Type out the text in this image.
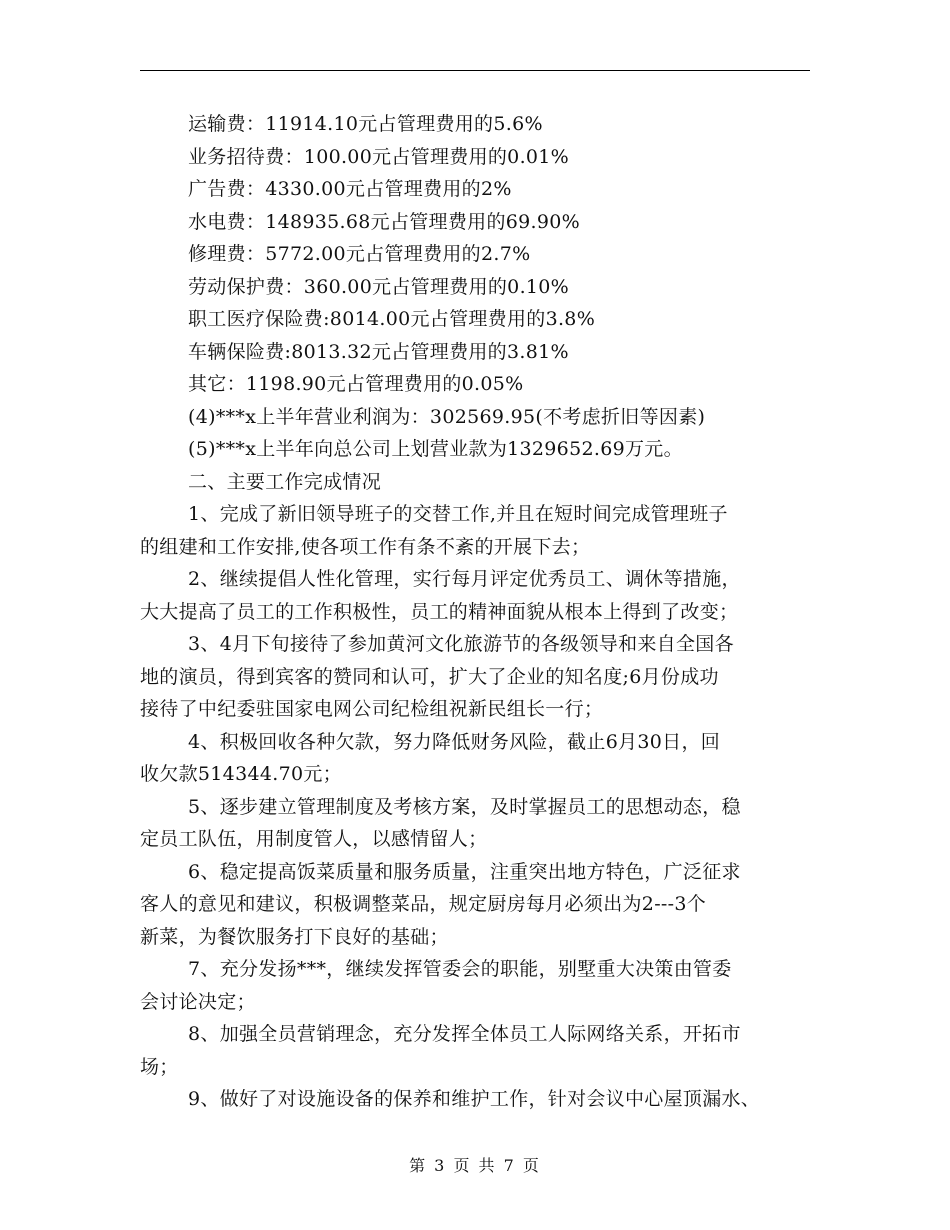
运输费：11914.10元占管理费用的5.6%
业务招待费：100.00元占管理费用的0.01%
广告费：4330.00元占管理费用的2%
水电费：148935.68元占管理费用的69.90%
修理费：5772.00元占管理费用的2.7%
劳动保护费：360.00元占管理费用的0.10%
职工医疗保险费:8014.00元占管理费用的3.8%
车辆保险费:8013.32元占管理费用的3.81%
其它：1198.90元占管理费用的0.05%
(4)***x上半年营业利润为：302569.95(不考虑折旧等因素)
(5)***x上半年向总公司上划营业款为1329652.69万元。
二、主要工作完成情况
1、完成了新旧领导班子的交替工作,并且在短时间完成管理班子
的组建和工作安排,使各项工作有条不紊的开展下去；
2、继续提倡人性化管理，实行每月评定优秀员工、调休等措施，
大大提高了员工的工作积极性，员工的精神面貌从根本上得到了改变；
3、4月下旬接待了参加黄河文化旅游节的各级领导和来自全国各
地的演员，得到宾客的赞同和认可，扩大了企业的知名度;6月份成功
接待了中纪委驻国家电网公司纪检组祝新民组长一行；
4、积极回收各种欠款，努力降低财务风险，截止6月30日，回
收欠款514344.70元；
5、逐步建立管理制度及考核方案，及时掌握员工的思想动态，稳
定员工队伍，用制度管人，以感情留人；
6、稳定提高饭菜质量和服务质量，注重突出地方特色，广泛征求
客人的意见和建议，积极调整菜品，规定厨房每月必须出为2---3个
新菜，为餐饮服务打下良好的基础；
7、充分发扬***，继续发挥管委会的职能，别墅重大决策由管委
会讨论决定；
8、加强全员营销理念，充分发挥全体员工人际网络关系，开拓市
场；
9、做好了对设施设备的保养和维护工作，针对会议中心屋顶漏水、
第 3 页 共 7 页
